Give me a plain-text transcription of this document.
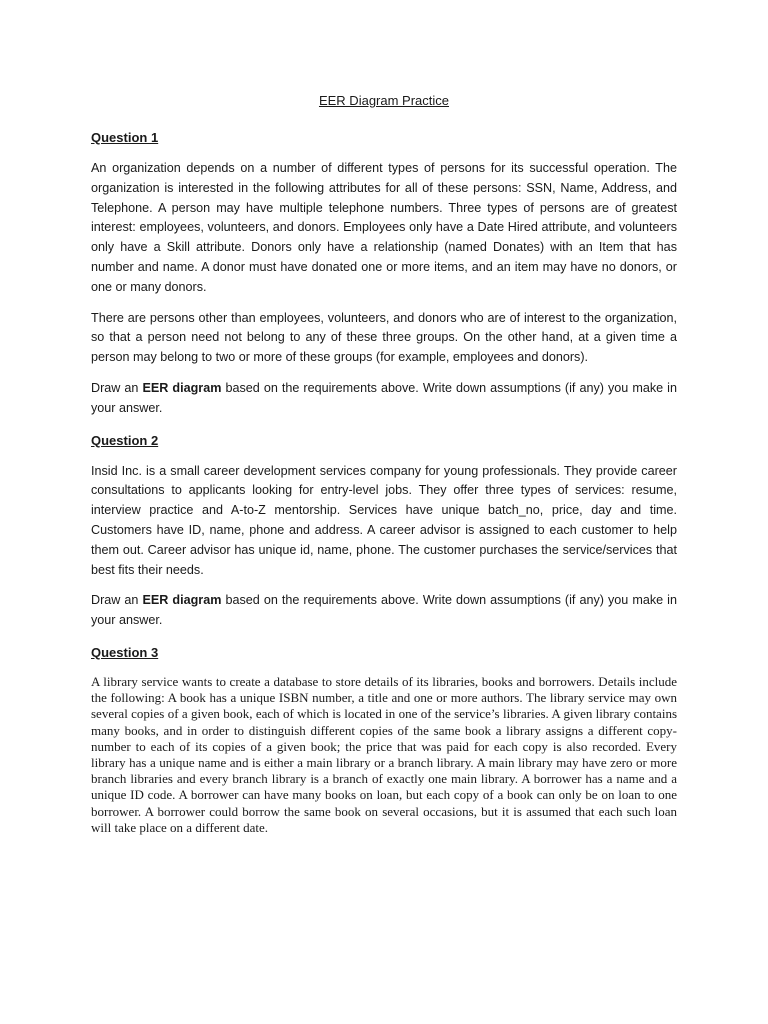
EER Diagram Practice
Question 1

An organization depends on a number of different types of persons for its successful operation. The organization is interested in the following attributes for all of these persons: SSN, Name, Address, and Telephone. A person may have multiple telephone numbers. Three types of persons are of greatest interest: employees, volunteers, and donors. Employees only have a Date Hired attribute, and volunteers only have a Skill attribute. Donors only have a relationship (named Donates) with an Item that has number and name. A donor must have donated one or more items, and an item may have no donors, or one or many donors.

There are persons other than employees, volunteers, and donors who are of interest to the organization, so that a person need not belong to any of these three groups. On the other hand, at a given time a person may belong to two or more of these groups (for example, employees and donors).

Draw an EER diagram based on the requirements above. Write down assumptions (if any) you make in your answer.

Question 2

Insid Inc. is a small career development services company for young professionals. They provide career consultations to applicants looking for entry-level jobs. They offer three types of services: resume, interview practice and A-to-Z mentorship. Services have unique batch_no, price, day and time. Customers have ID, name, phone and address. A career advisor is assigned to each customer to help them out. Career advisor has unique id, name, phone. The customer purchases the service/services that best fits their needs.

Draw an EER diagram based on the requirements above. Write down assumptions (if any) you make in your answer.

Question 3

A library service wants to create a database to store details of its libraries, books and borrowers. Details include the following: A book has a unique ISBN number, a title and one or more authors. The library service may own several copies of a given book, each of which is located in one of the service’s libraries. A given library contains many books, and in order to distinguish different copies of the same book a library assigns a different copy-number to each of its copies of a given book; the price that was paid for each copy is also recorded. Every library has a unique name and is either a main library or a branch library. A main library may have zero or more branch libraries and every branch library is a branch of exactly one main library. A borrower has a name and a unique ID code. A borrower can have many books on loan, but each copy of a book can only be on loan to one borrower. A borrower could borrow the same book on several occasions, but it is assumed that each such loan will take place on a different date.
